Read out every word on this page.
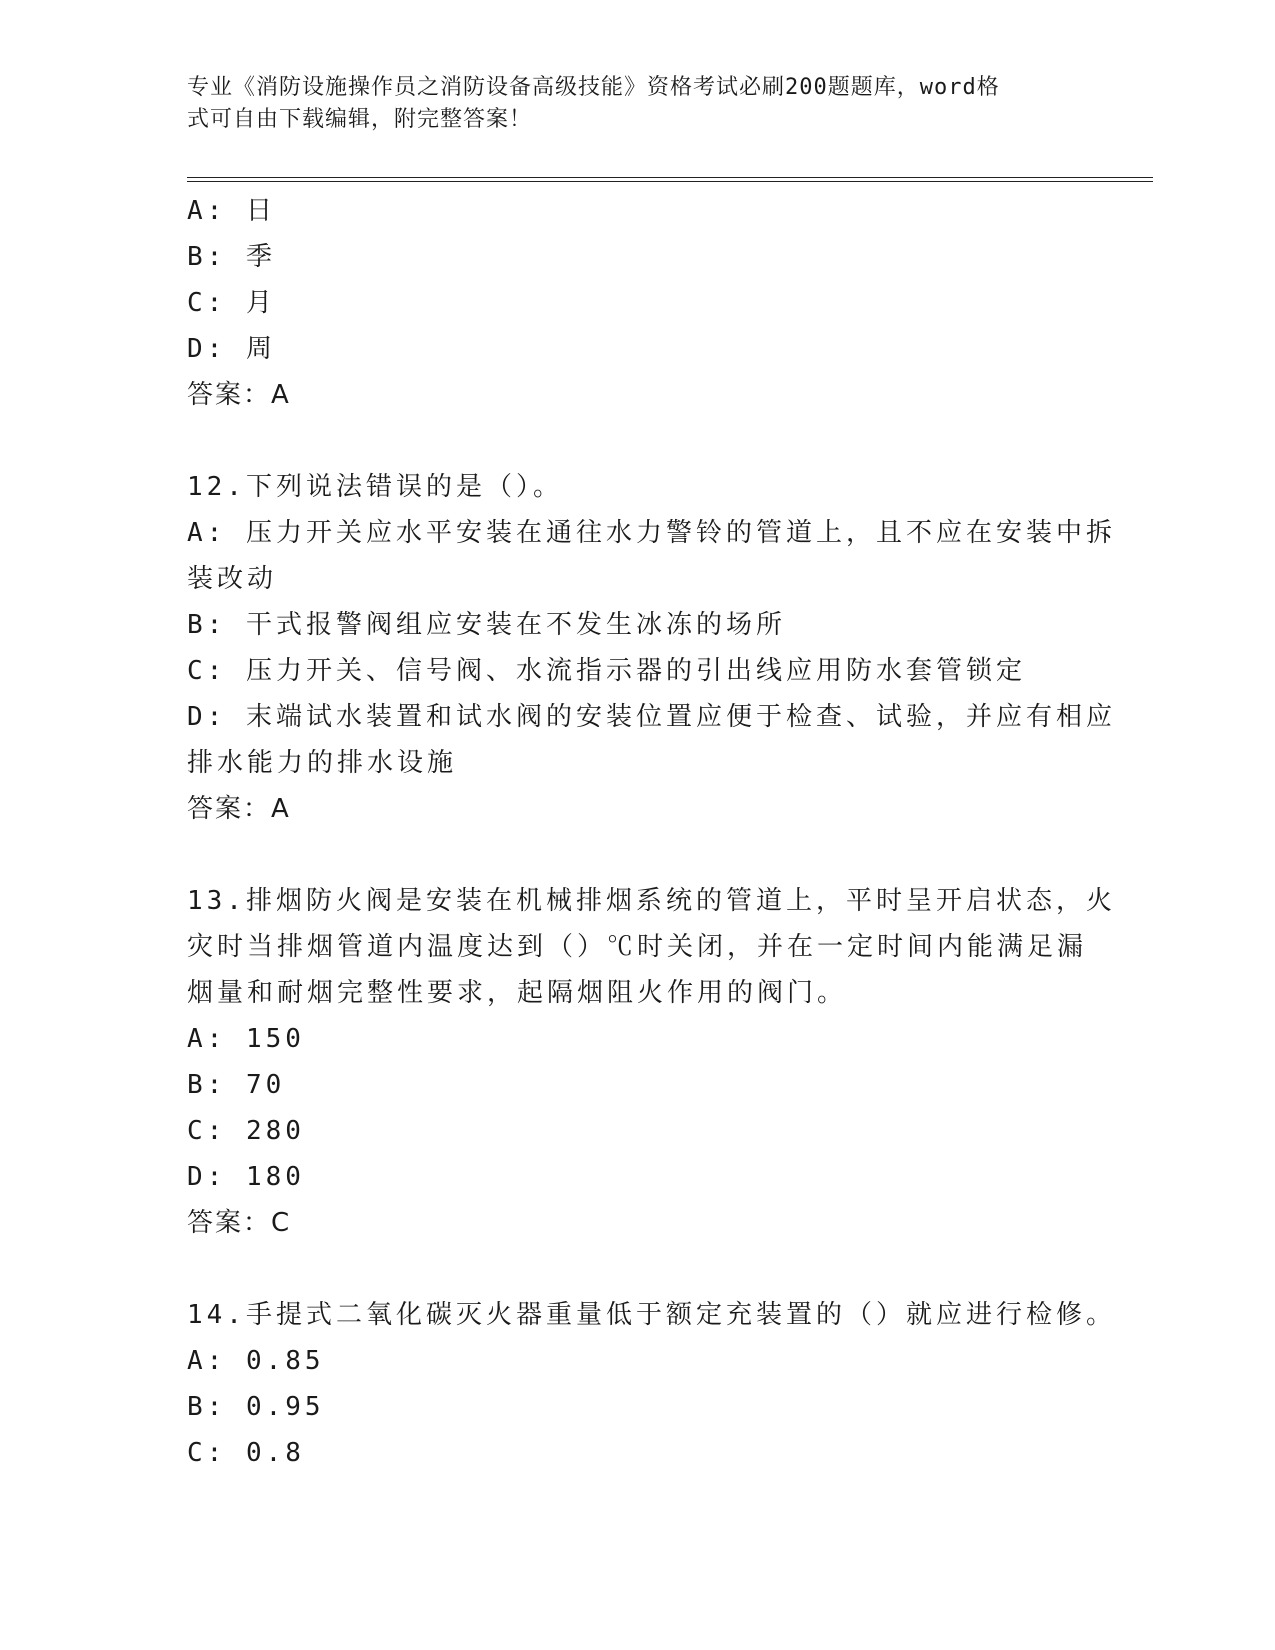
专业《消防设施操作员之消防设备高级技能》资格考试必刷200题题库，word格
式可自由下载编辑，附完整答案！
A: 日
B: 季
C: 月
D: 周
答案：A
12.下列说法错误的是（）。
A: 压力开关应水平安装在通往水力警铃的管道上，且不应在安装中拆
装改动
B: 干式报警阀组应安装在不发生冰冻的场所
C: 压力开关、信号阀、水流指示器的引出线应用防水套管锁定
D: 末端试水装置和试水阀的安装位置应便于检查、试验，并应有相应
排水能力的排水设施
答案：A
13.排烟防火阀是安装在机械排烟系统的管道上，平时呈开启状态，火
灾时当排烟管道内温度达到（）℃时关闭，并在一定时间内能满足漏
烟量和耐烟完整性要求，起隔烟阻火作用的阀门。
A: 150
B: 70
C: 280
D: 180
答案：C
14.手提式二氧化碳灭火器重量低于额定充装置的（）就应进行检修。
A: 0.85
B: 0.95
C: 0.8
